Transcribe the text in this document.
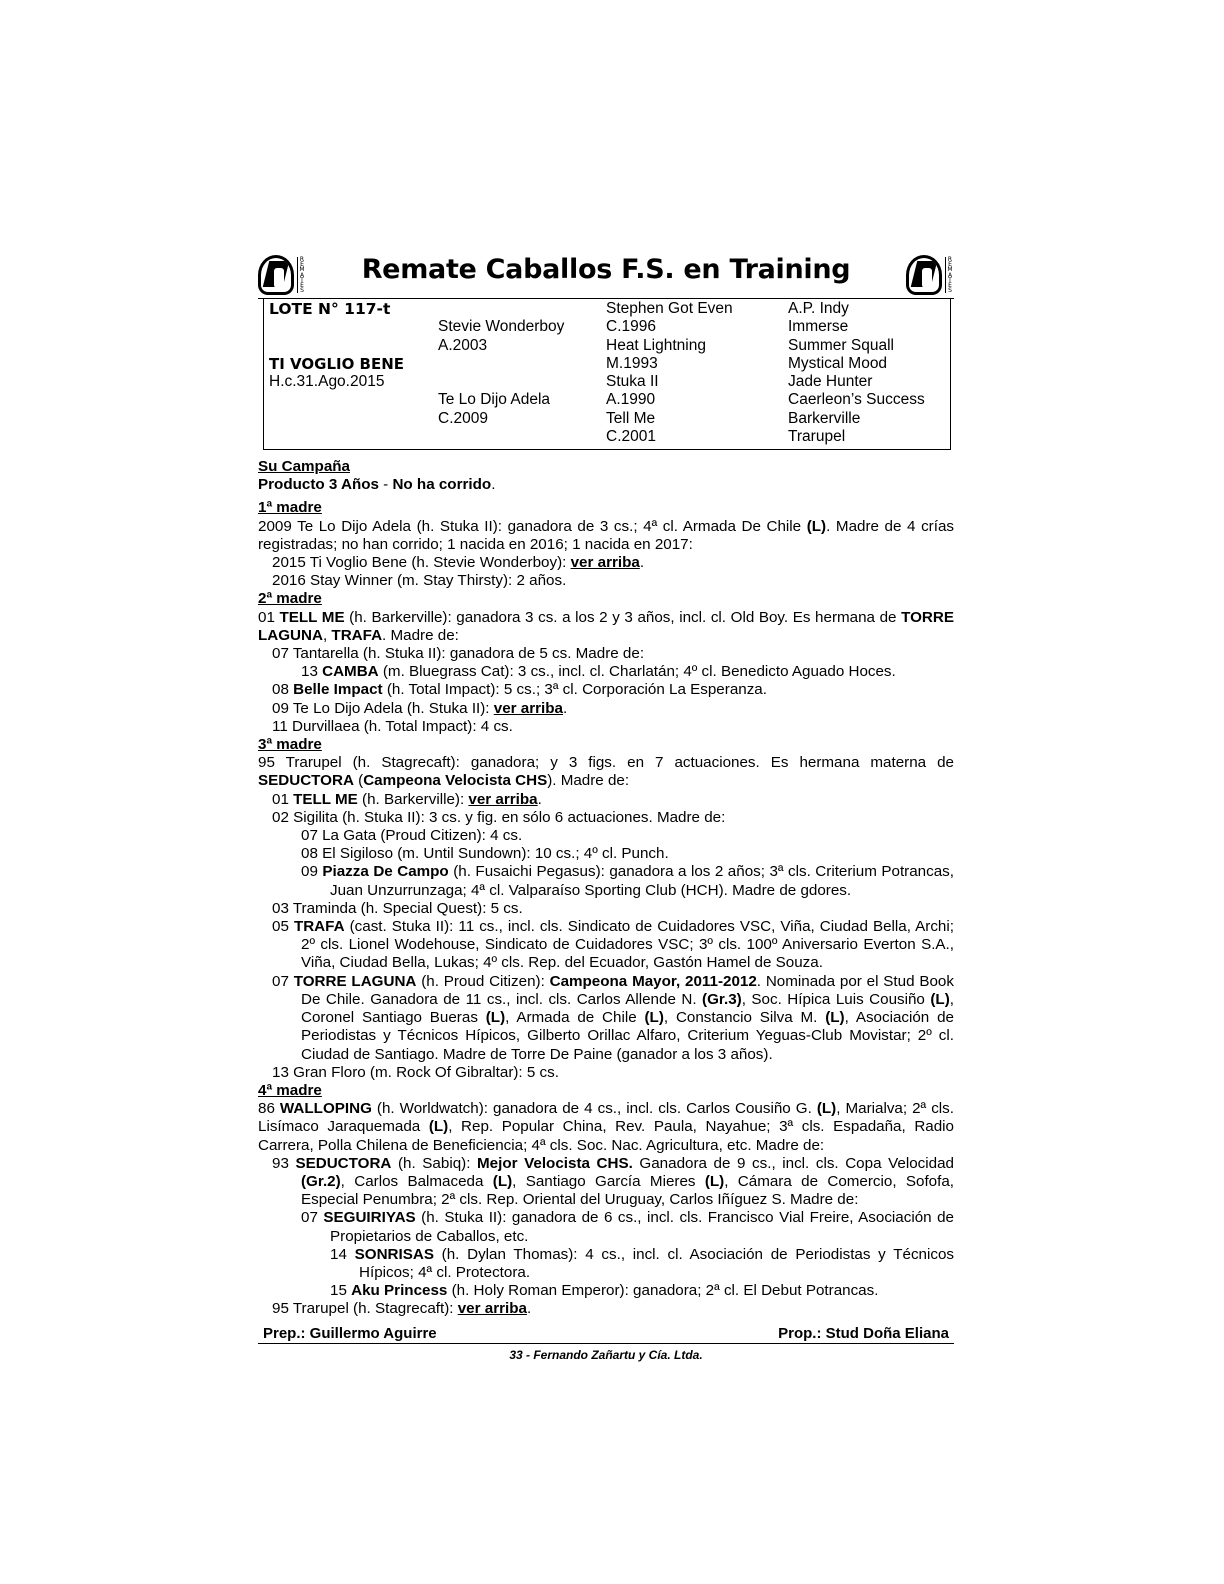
R
E
M
A
T
E
S
Remate Caballos F.S. en Training	R
E
M
A
T
E
S
LOTE N° 117-t
TI VOGLIO BENE
H.c.31.Ago.2015
Stevie Wonderboy
A.2003
Te Lo Dijo Adela
C.2009
Stephen Got Even
C.1996
Heat Lightning
M.1993
Stuka II
A.1990
Tell Me
C.2001
A.P. Indy
Immerse
Summer Squall
Mystical Mood
Jade Hunter
Caerleon’s Success
Barkerville
Trarupel

Su Campaña

Producto 3 Años - No ha corrido.

1ª madre

2009 Te Lo Dijo Adela (h. Stuka II): ganadora de 3 cs.; 4ª cl. Armada De Chile (L). Madre de 4 crías registradas; no han corrido; 1 nacida en 2016; 1 nacida en 2017:

2015 Ti Voglio Bene (h. Stevie Wonderboy): ver arriba.

2016 Stay Winner (m. Stay Thirsty): 2 años.

2ª madre

01 TELL ME (h. Barkerville): ganadora 3 cs. a los 2 y 3 años, incl. cl. Old Boy. Es hermana de TORRE LAGUNA, TRAFA. Madre de:

07 Tantarella (h. Stuka II): ganadora de 5 cs. Madre de:

13 CAMBA (m. Bluegrass Cat): 3 cs., incl. cl. Charlatán; 4º cl. Benedicto Aguado Hoces.

08 Belle Impact (h. Total Impact): 5 cs.; 3ª cl. Corporación La Esperanza.

09 Te Lo Dijo Adela (h. Stuka II): ver arriba.

11 Durvillaea (h. Total Impact): 4 cs.

3ª madre

95 Trarupel (h. Stagrecaft): ganadora; y 3 figs. en 7 actuaciones. Es hermana materna de SEDUCTORA (Campeona Velocista CHS). Madre de:

01 TELL ME (h. Barkerville): ver arriba.

02 Sigilita (h. Stuka II): 3 cs. y fig. en sólo 6 actuaciones. Madre de:

07 La Gata (Proud Citizen): 4 cs.

08 El Sigiloso (m. Until Sundown): 10 cs.; 4º cl. Punch.

09 Piazza De Campo (h. Fusaichi Pegasus): ganadora a los 2 años; 3ª cls. Criterium Potrancas, Juan Unzurrunzaga; 4ª cl. Valparaíso Sporting Club (HCH). Madre de gdores.

03 Traminda (h. Special Quest): 5 cs.

05 TRAFA (cast. Stuka II): 11 cs., incl. cls. Sindicato de Cuidadores VSC, Viña, Ciudad Bella, Archi; 2º cls. Lionel Wodehouse, Sindicato de Cuidadores VSC; 3º cls. 100º Aniversario Everton S.A., Viña, Ciudad Bella, Lukas; 4º cls. Rep. del Ecuador, Gastón Hamel de Souza.

07 TORRE LAGUNA (h. Proud Citizen): Campeona Mayor, 2011-2012. Nominada por el Stud Book De Chile. Ganadora de 11 cs., incl. cls. Carlos Allende N. (Gr.3), Soc. Hípica Luis Cousiño (L), Coronel Santiago Bueras (L), Armada de Chile (L), Constancio Silva M. (L), Asociación de Periodistas y Técnicos Hípicos, Gilberto Orillac Alfaro, Criterium Yeguas-Club Movistar; 2º cl. Ciudad de Santiago. Madre de Torre De Paine (ganador a los 3 años).

13 Gran Floro (m. Rock Of Gibraltar): 5 cs.

4ª madre

86 WALLOPING (h. Worldwatch): ganadora de 4 cs., incl. cls. Carlos Cousiño G. (L), Marialva; 2ª cls. Lisímaco Jaraquemada (L), Rep. Popular China, Rev. Paula, Nayahue; 3ª cls. Espadaña, Radio Carrera, Polla Chilena de Beneficiencia; 4ª cls. Soc. Nac. Agricultura, etc. Madre de:

93 SEDUCTORA (h. Sabiq): Mejor Velocista CHS. Ganadora de 9 cs., incl. cls. Copa Velocidad (Gr.2), Carlos Balmaceda (L), Santiago García Mieres (L), Cámara de Comercio, Sofofa, Especial Penumbra; 2ª cls. Rep. Oriental del Uruguay, Carlos Iñíguez S. Madre de:

07 SEGUIRIYAS (h. Stuka II): ganadora de 6 cs., incl. cls. Francisco Vial Freire, Asociación de Propietarios de Caballos, etc.

14 SONRISAS (h. Dylan Thomas): 4 cs., incl. cl. Asociación de Periodistas y Técnicos Hípicos; 4ª cl. Protectora.

15 Aku Princess (h. Holy Roman Emperor): ganadora; 2ª cl. El Debut Potrancas.

95 Trarupel (h. Stagrecaft): ver arriba.

Prep.: Guillermo Aguirre	Prop.: Stud Doña Eliana
33 - Fernando Zañartu y Cía. Ltda.
